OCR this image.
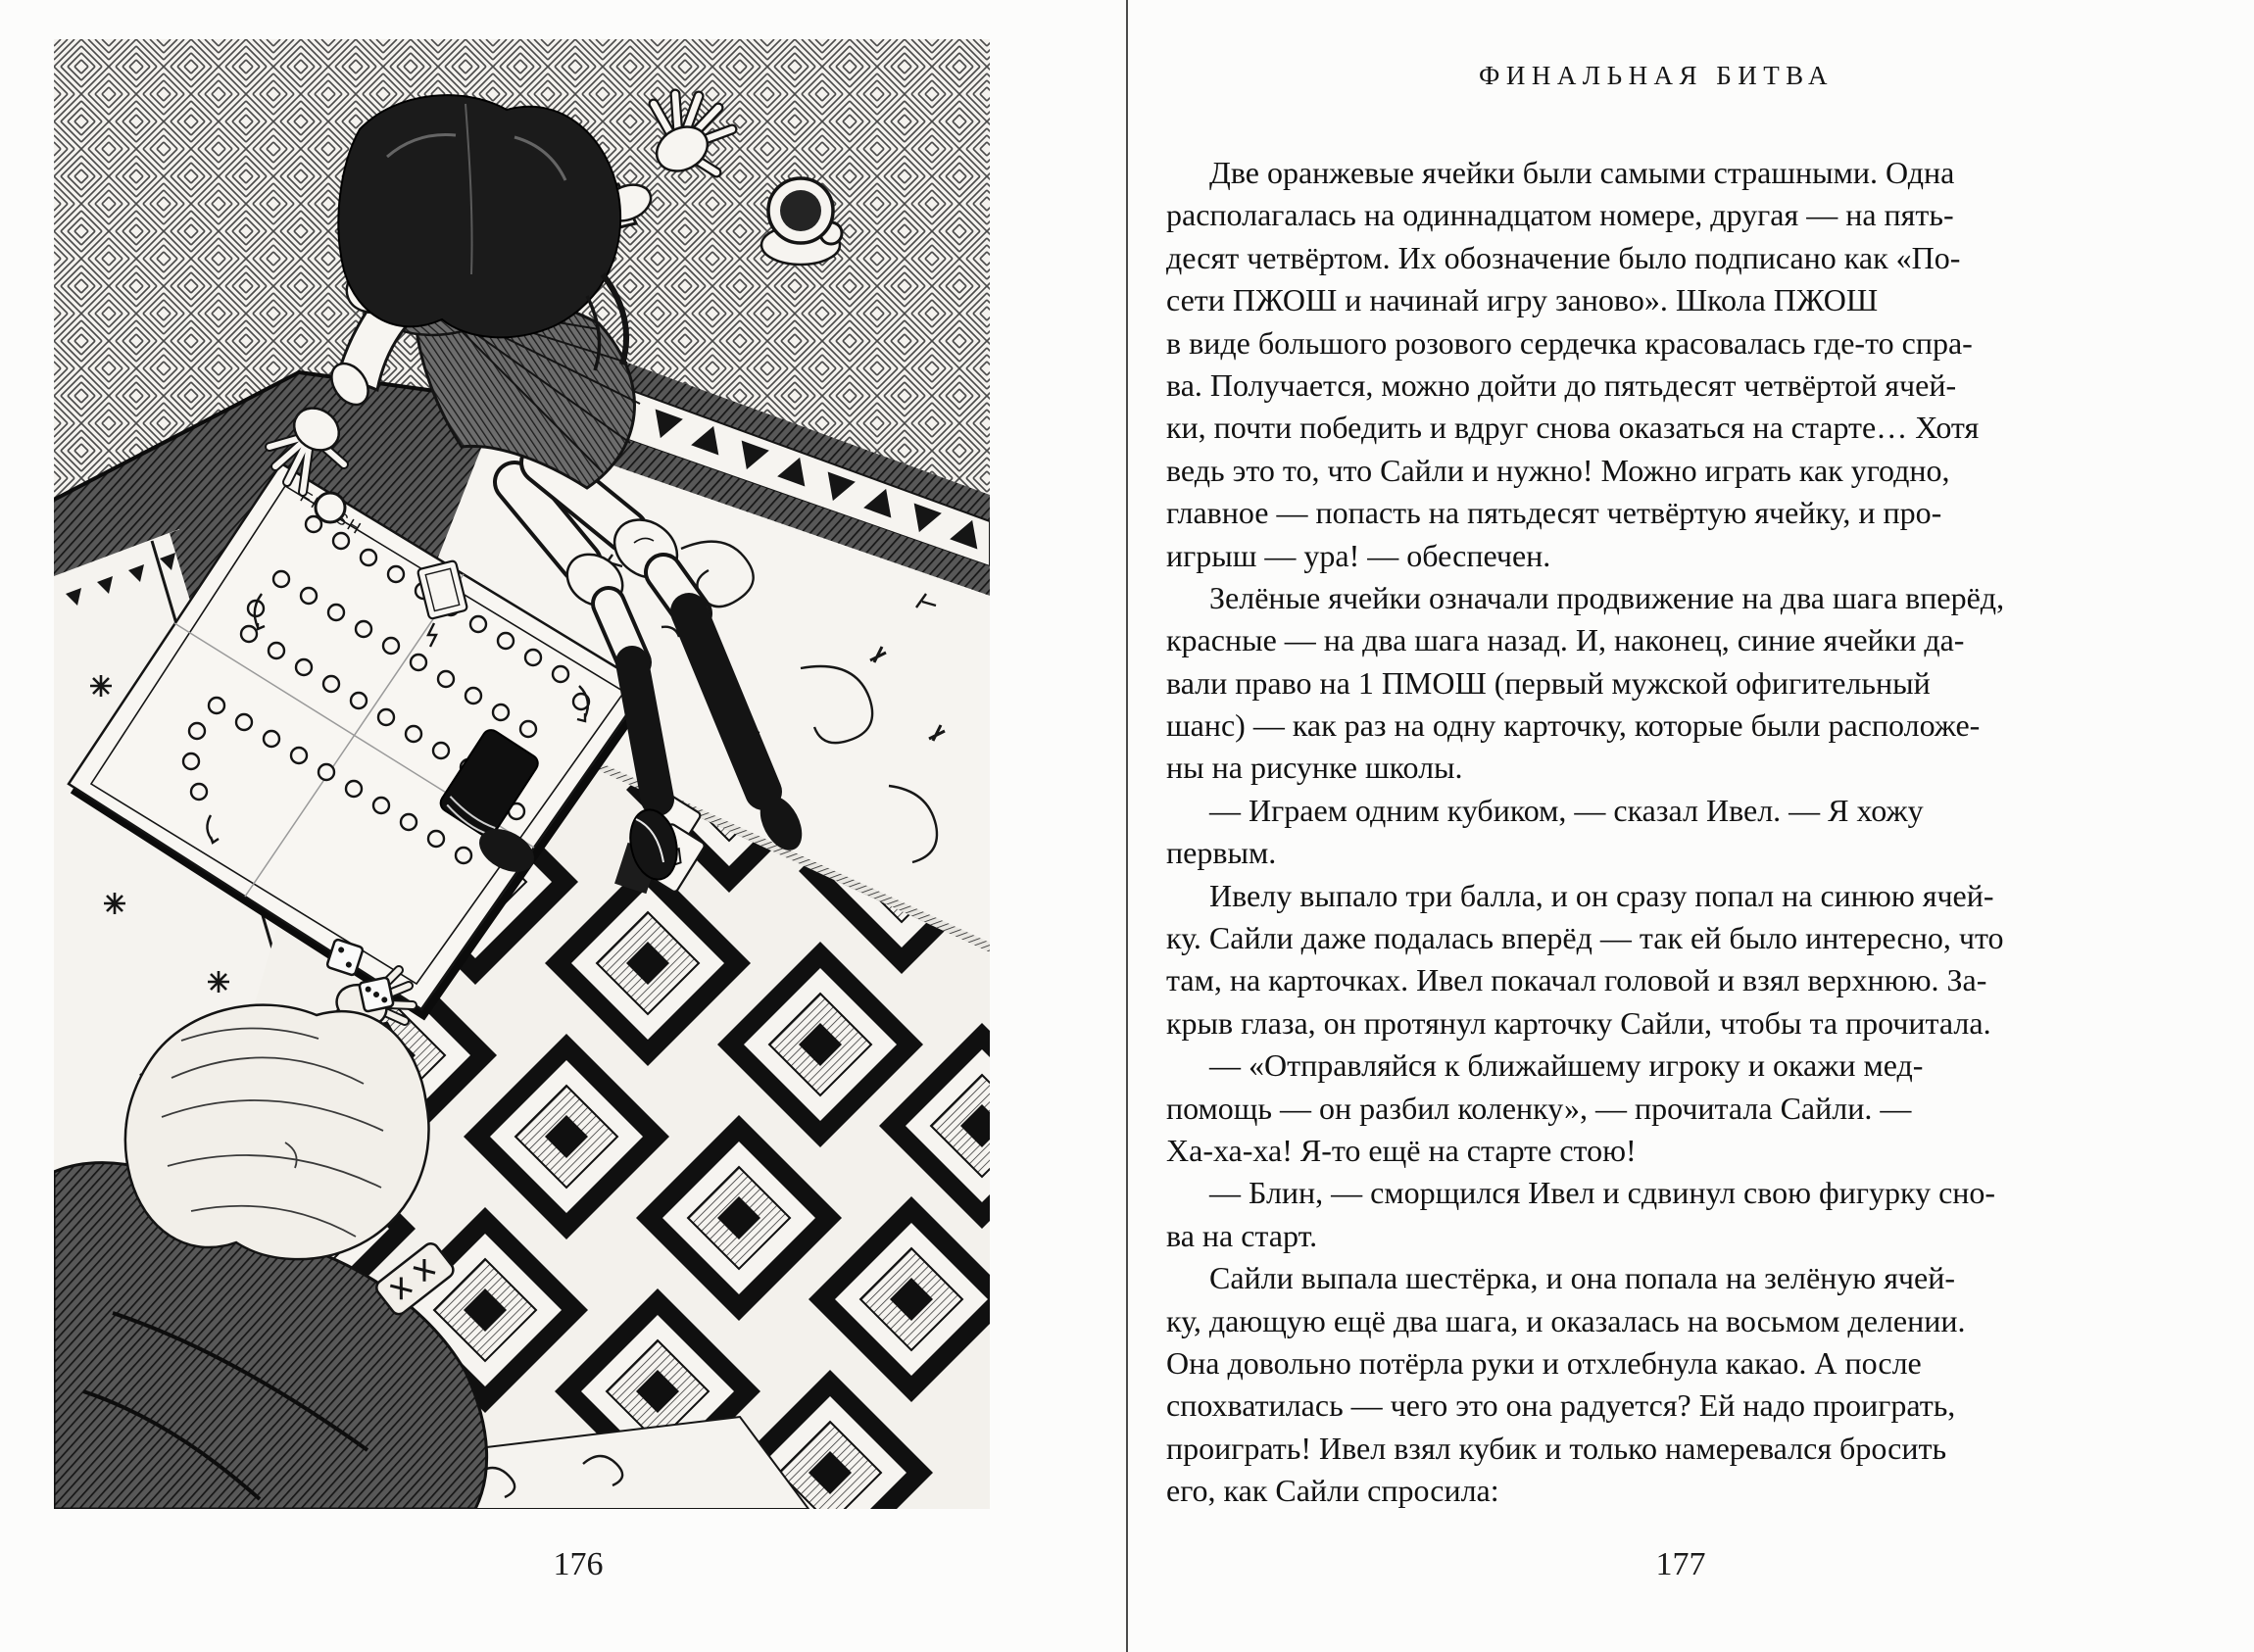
176
ФИНАЛЬНАЯ БИТВА
Две оранжевые ячейки были самыми страшными. Одна
располагалась на одиннадцатом номере, другая — на пять-
десят четвёртом. Их обозначение было подписано как «По-
сети ПЖОШ и начинай игру заново». Школа ПЖОШ
в виде большого розового сердечка красовалась где-то спра-
ва. Получается, можно дойти до пятьдесят четвёртой ячей-
ки, почти победить и вдруг снова оказаться на старте… Хотя
ведь это то, что Сайли и нужно! Можно играть как угодно,
главное — попасть на пятьдесят четвёртую ячейку, и про-
игрыш — ура! — обеспечен.
Зелёные ячейки означали продвижение на два шага вперёд,
красные — на два шага назад. И, наконец, синие ячейки да-
вали право на 1 ПМОШ (первый мужской офигительный
шанс) — как раз на одну карточку, которые были расположе-
ны на рисунке школы.
— Играем одним кубиком, — сказал Ивел. — Я хожу
первым.
Ивелу выпало три балла, и он сразу попал на синюю ячей-
ку. Сайли даже подалась вперёд — так ей было интересно, что
там, на карточках. Ивел покачал головой и взял верхнюю. За-
крыв глаза, он протянул карточку Сайли, чтобы та прочитала.
— «Отправляйся к ближайшему игроку и окажи мед-
помощь — он разбил коленку», — прочитала Сайли. —
Ха-ха-ха! Я-то ещё на старте стою!
— Блин, — сморщился Ивел и сдвинул свою фигурку сно-
ва на старт.
Сайли выпала шестёрка, и она попала на зелёную ячей-
ку, дающую ещё два шага, и оказалась на восьмом делении.
Она довольно потёрла руки и отхлебнула какао. А после
спохватилась — чего это она радуется? Ей надо проиграть,
проиграть! Ивел взял кубик и только намеревался бросить
его, как Сайли спросила:
177
